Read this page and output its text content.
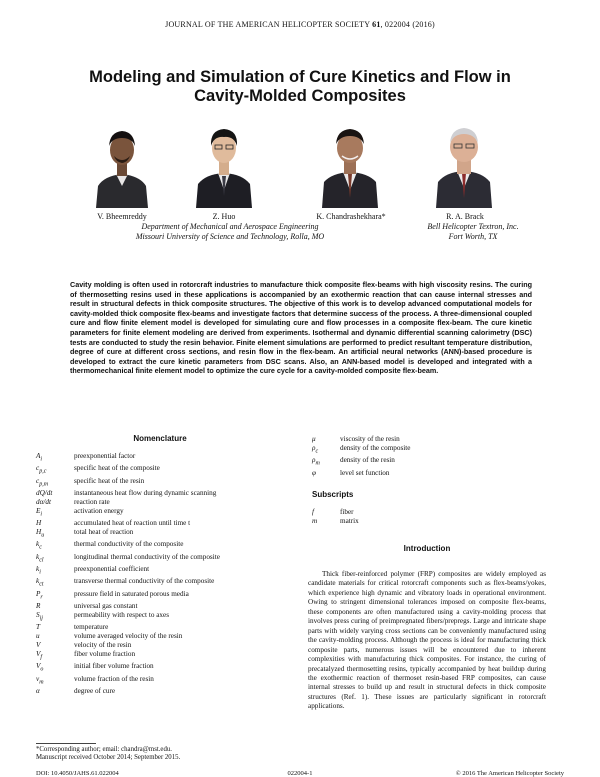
JOURNAL OF THE AMERICAN HELICOPTER SOCIETY 61, 022004 (2016)
Modeling and Simulation of Cure Kinetics and Flow in Cavity-Molded Composites
V. Bheemreddy	Z. Huo	K. Chandrashekhara*	R. A. Brack
Department of Mechanical and Aerospace Engineering
Missouri University of Science and Technology, Rolla, MO
Bell Helicopter Textron, Inc.
Fort Worth, TX
Cavity molding is often used in rotorcraft industries to manufacture thick composite flex-beams with high viscosity resins. The curing of thermosetting resins used in these applications is accompanied by an exothermic reaction that can cause internal stresses and result in structural defects in thick composite structures. The objective of this work is to develop advanced computational models for cavity-molded thick composite flex-beams and investigate factors that determine success of the process. A three-dimensional coupled cure and flow finite element model is developed for simulating cure and flow processes in a composite flex-beam. The cure kinetic parameters for finite element modeling are derived from experiments. Isothermal and dynamic differential scanning calorimetry (DSC) tests are conducted to study the resin behavior. Finite element simulations are performed to predict resultant temperature distribution, degree of cure at different cross sections, and resin flow in the flex-beam. An artificial neural networks (ANN)-based procedure is developed to extract the cure kinetic parameters from DSC scans. Also, an ANN-based model is developed and integrated with a thermomechanical finite element model to optimize the cure cycle for a cavity-molded composite flex-beam.
Nomenclature
$A_i$	preexponential factor
$c_{p,c}$	specific heat of the composite
$c_{p,m}$	specific heat of the resin
dQ/dt	instantaneous heat flow during dynamic scanning
dα/dt	reaction rate
$E_i$	activation energy
H	accumulated heat of reaction until time t
$H_u$	total heat of reaction
$k_c$	thermal conductivity of the composite
$k_{cl}$	longitudinal thermal conductivity of the composite
$k_i$	preexponential coefficient
$k_{ct}$	transverse thermal conductivity of the composite
$P_r$	pressure field in saturated porous media
R	universal gas constant
$S_{ij}$	permeability with respect to axes
T	temperature
u	volume averaged velocity of the resin
V	velocity of the resin
$V_f$	fiber volume fraction
$V_o$	initial fiber volume fraction
$v_m$	volume fraction of the resin
α	degree of cure
μ	viscosity of the resin
$\rho_c$	density of the composite
$\rho_m$	density of the resin
φ	level set function
Subscripts
f	fiber
m	matrix
Introduction
Thick fiber-reinforced polymer (FRP) composites are widely employed as candidate materials for critical rotorcraft components such as flex-beams/yokes, which experience high dynamic and vibratory loads in operational environment. Owing to stringent dimensional tolerances imposed on composite flex-beams, these components are often manufactured using a cavity-molding process that involves press curing of preimpregnated fibers/prepregs. Large and intricate shape parts with widely varying cross sections can be conveniently manufactured using the cavity-molding process. Although the process is ideal for manufacturing thick composite parts, numerous issues will be encountered due to inherent complexities with manufacturing thick composites. For instance, the curing of precatalyzed thermosetting resins, typically accompanied by heat buildup during the exothermic reaction of thermoset resin-based FRP composites, can cause internal stresses to build up and result in structural defects in thick composite structures (Ref. 1). These issues are particularly significant in rotorcraft applications.
*Corresponding author; email: chandra@mst.edu.
Manuscript received October 2014; September 2015.
DOI: 10.4050/JAHS.61.022004	022004-1	© 2016 The American Helicopter Society
